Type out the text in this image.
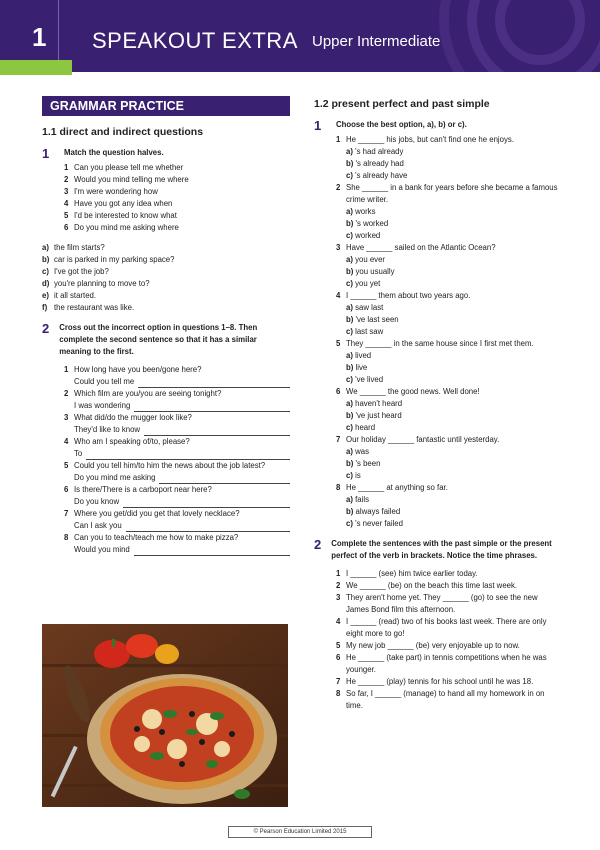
1 SPEAKOUT EXTRA Upper Intermediate
GRAMMAR PRACTICE
1.1 direct and indirect questions
1	Match the question halves.
1 Can you please tell me whether
2 Would you mind telling me where
3 I'm were wondering how
4 Have you got any idea when
5 I'd be interested to know what
6 Do you mind me asking where
a) the film starts?
b) car is parked in my parking space?
c) I've got the job?
d) you're planning to move to?
e) it all started.
f) the restaurant was like.
2 Cross out the incorrect option in questions 1–8. Then complete the second sentence so that it has a similar meaning to the first.
1 How long have you been/gone here?
Could you tell me
2 Which film are you/you are seeing tonight?
I was wondering
3 What did/do the mugger look like?
They'd like to know
4 Who am I speaking of/to, please?
To
5 Could you tell him/to him the news about the job latest?
Do you mind me asking
6 Is there/There is a carboport near here?
Do you know
7 Where you get/did you get that lovely necklace?
Can I ask you
8 Can you to teach/teach me how to make pizza?
Would you mind
1.2 present perfect and past simple
1	Choose the best option, a), b) or c).
1 He ______ his jobs, but can't find one he enjoys.
a) 's had already
b) 's already had
c) 's already have
2 She ______ in a bank for years before she became a famous crime writer.
a) works
b) 's worked
c) worked
3 Have ______ sailed on the Atlantic Ocean?
a) you ever
b) you usually
c) you yet
4 I ______ them about two years ago.
a) saw last
b) 've last seen
c) last saw
5 They ______ in the same house since I first met them.
a) lived
b) live
c) 've lived
6 We ______ the good news. Well done!
a) haven't heard
b) 've just heard
c) heard
7 Our holiday ______ fantastic until yesterday.
a) was
b) 's been
c) is
8 He ______ at anything so far.
a) fails
b) always failed
c) 's never failed
2 Complete the sentences with the past simple or the present perfect of the verb in brackets. Notice the time phrases.
1 I ______ (see) him twice earlier today.
2 We ______ (be) on the beach this time last week.
3 They aren't home yet. They ______ (go) to see the new James Bond film this afternoon.
4 I ______ (read) two of his books last week. There are only eight more to go!
5 My new job ______ (be) very enjoyable up to now.
6 He ______ (take part) in tennis competitions when he was younger.
7 He ______ (play) tennis for his school until he was 18.
8 So far, I ______ (manage) to hand all my homework in on time.
© Pearson Education Limited 2015
